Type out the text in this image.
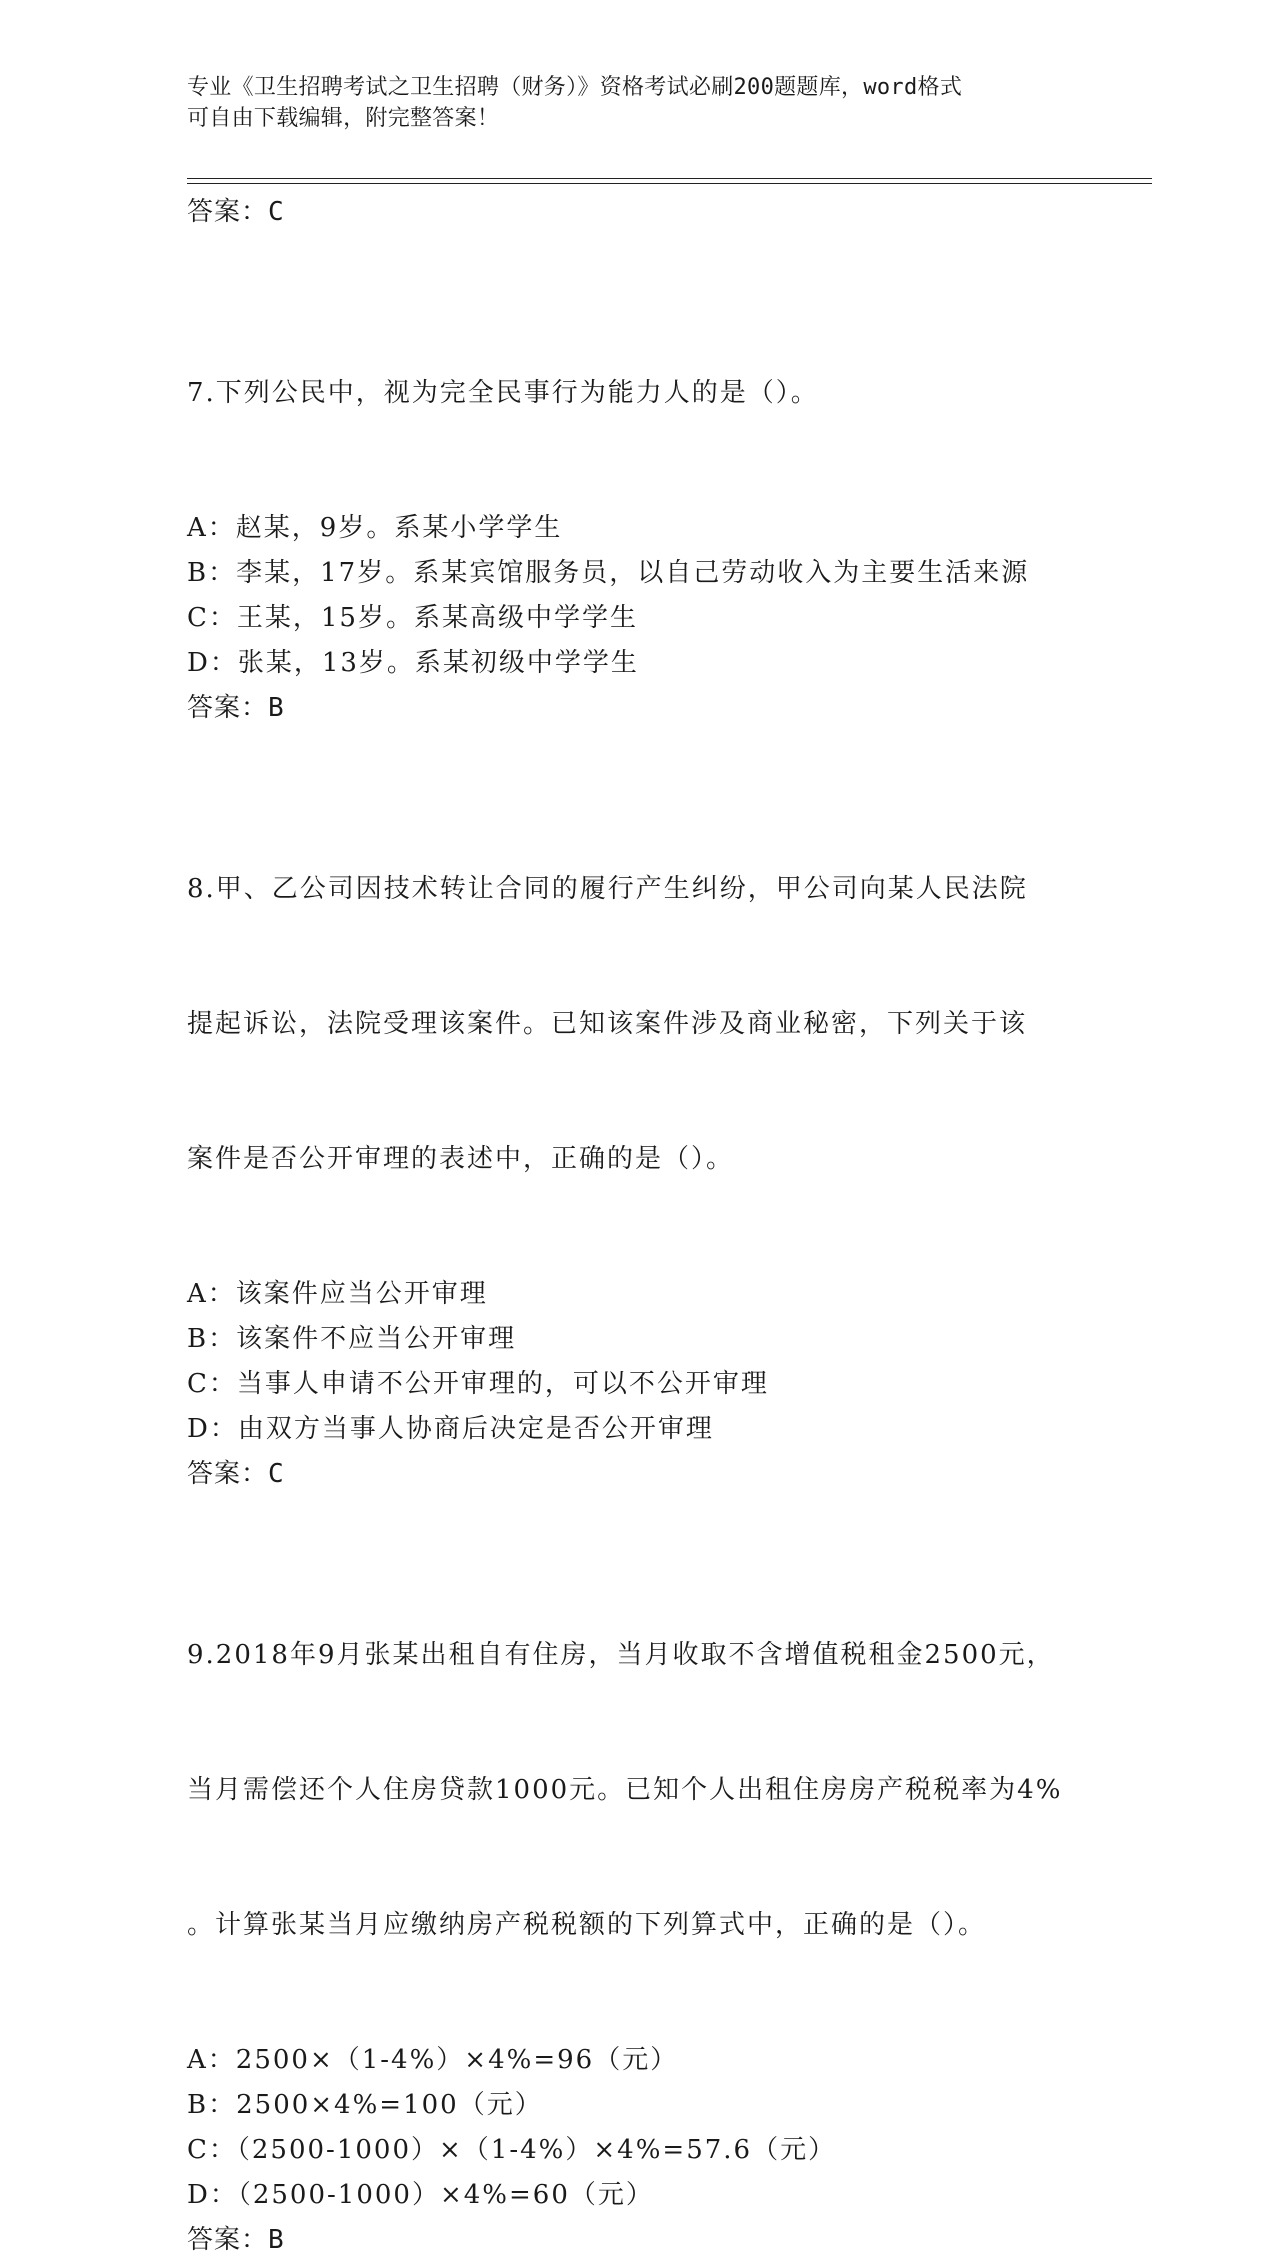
专业《卫生招聘考试之卫生招聘（财务）》资格考试必刷200题题库，word格式
可自由下载编辑，附完整答案！
答案：C

7.下列公民中，视为完全民事行为能力人的是（）。

A：赵某，9岁。系某小学学生
B：李某，17岁。系某宾馆服务员，以自己劳动收入为主要生活来源
C：王某，15岁。系某高级中学学生
D：张某，13岁。系某初级中学学生
答案：B

8.甲、乙公司因技术转让合同的履行产生纠纷，甲公司向某人民法院

提起诉讼，法院受理该案件。已知该案件涉及商业秘密，下列关于该

案件是否公开审理的表述中，正确的是（）。

A：该案件应当公开审理
B：该案件不应当公开审理
C：当事人申请不公开审理的，可以不公开审理
D：由双方当事人协商后决定是否公开审理
答案：C

9.2018年9月张某出租自有住房，当月收取不含增值税租金2500元，

当月需偿还个人住房贷款1000元。已知个人出租住房房产税税率为4%

。计算张某当月应缴纳房产税税额的下列算式中，正确的是（）。

A：2500×（1-4%）×4%=96（元）
B：2500×4%=100（元）
C：（2500-1000）×（1-4%）×4%=57.6（元）
D：（2500-1000）×4%=60（元）
答案：B
